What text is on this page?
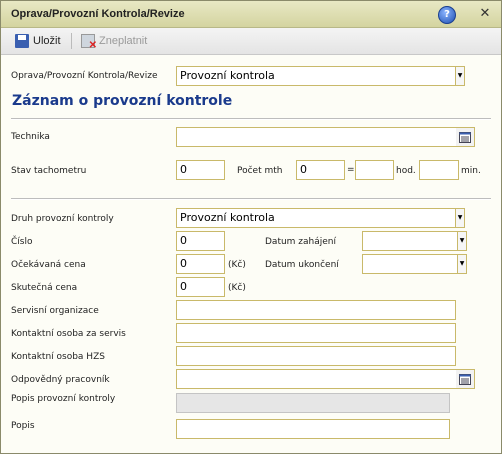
Oprava/Provozní Kontrola/Revize	?	✕
Uložit
✕	Zneplatnit
Oprava/Provozní Kontrola/Revize	Provozní kontrola	▼
Záznam o provozní kontrole
Technika
Stav tachometru	0	Počet mth	0	=	hod.	min.
Druh provozní kontroly	Provozní kontrola	▼
Číslo	0	Datum zahájení	▼
Očekávaná cena	0	(Kč) Datum ukončení	▼
Skutečná cena	0	(Kč)
Servisní organizace
Kontaktní osoba za servis
Kontaktní osoba HZS
Odpovědný pracovník
Popis provozní kontroly
Popis
